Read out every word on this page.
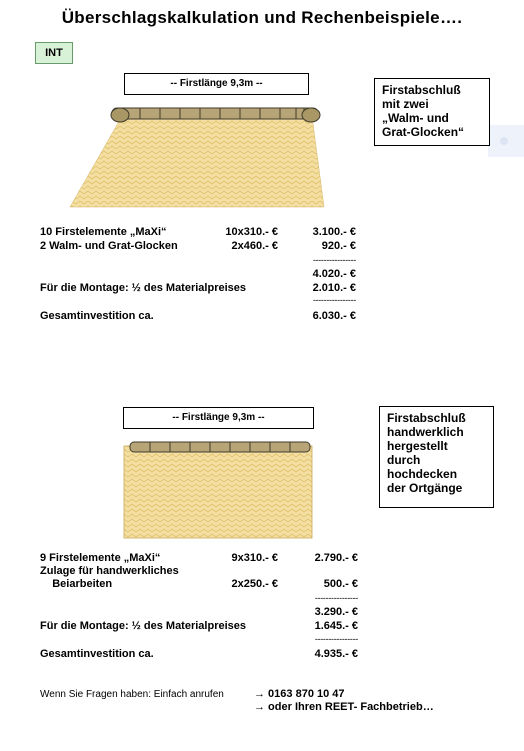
Überschlagskalkulation und Rechenbeispiele….
INT
-- Firstlänge 9,3m --	Firstabschluß
mit zwei
„Walm- und
Grat-Glocken“
10 Firstelemente „MaXi“	10x310.- €	3.100.- €
2 Walm- und Grat-Glocken	2x460.- €	920.- €
----------------
4.020.- €
Für die Montage: ½ des Materialpreises	2.010.- €
----------------
Gesamtinvestition ca.	6.030.- €
-- Firstlänge 9,3m --	Firstabschluß
handwerklich
hergestellt
durch
hochdecken
der Ortgänge
9 Firstelemente „MaXi“	9x310.- €	2.790.- €
Zulage für handwerkliches
Beiarbeiten	2x250.- €	500.- €
----------------
3.290.- €
Für die Montage: ½ des Materialpreises	1.645.- €
----------------
Gesamtinvestition ca.	4.935.- €
Wenn Sie Fragen haben: Einfach anrufen	→ 0163 870 10 47
→ oder Ihren REET- Fachbetrieb…
